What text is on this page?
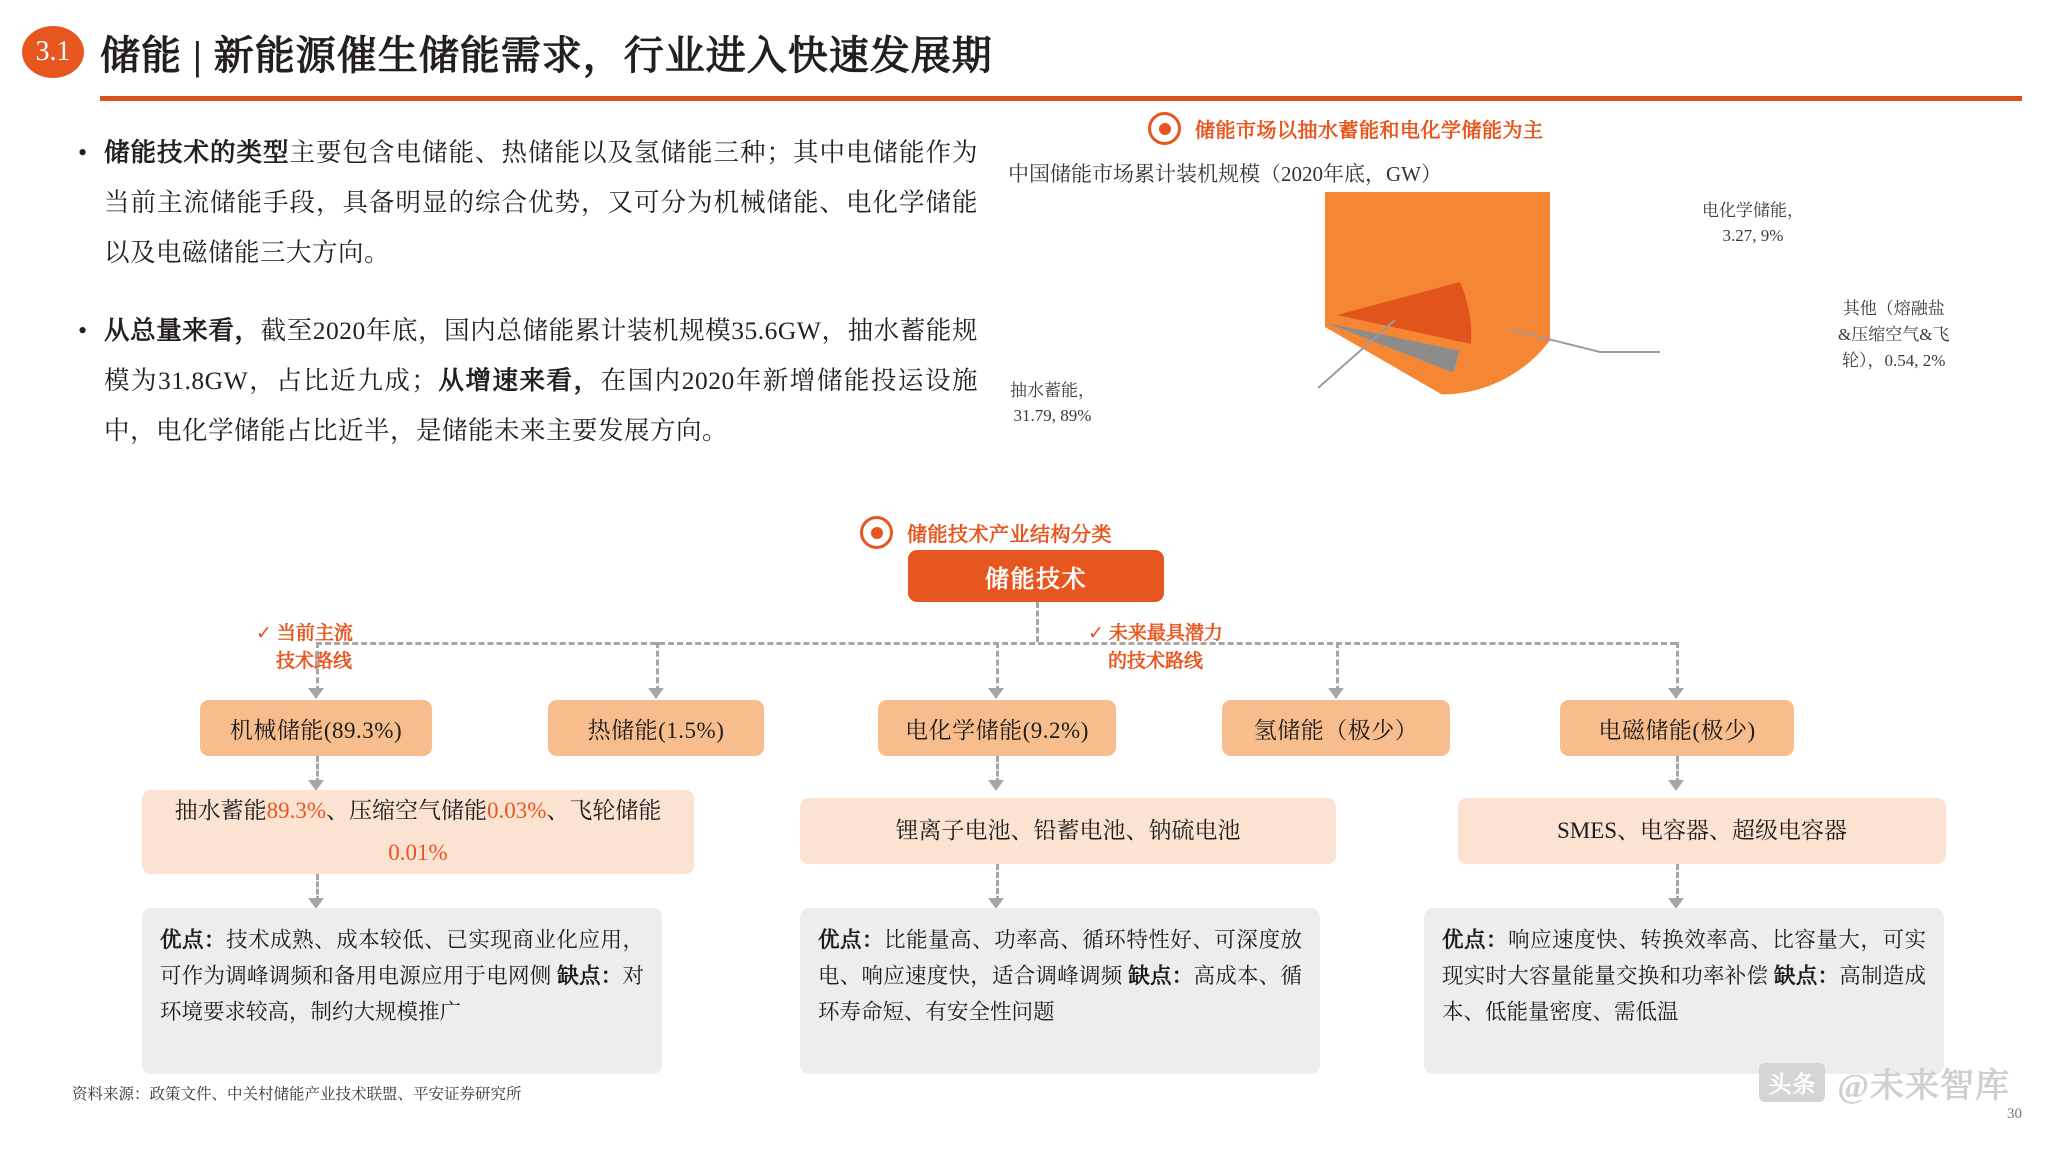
3.1 储能 | 新能源催生储能需求，行业进入快速发展期
• 储能技术的类型主要包含电储能、热储能以及氢储能三种；其中电储能作为当前主流储能手段，具备明显的综合优势，又可分为机械储能、电化学储能以及电磁储能三大方向。
• 从总量来看，截至2020年底，国内总储能累计装机规模35.6GW，抽水蓄能规模为31.8GW，占比近九成；从增速来看，在国内2020年新增储能投运设施中，电化学储能占比近半，是储能未来主要发展方向。
储能市场以抽水蓄能和电化学储能为主
中国储能市场累计装机规模（2020年底，GW）
电化学储能，
3.27, 9%
其他（熔融盐
&压缩空气&飞
轮），0.54, 2%
抽水蓄能，
31.79, 89%
储能技术产业结构分类
储能技术
✓ 当前主流
技术路线
✓ 未来最具潜力
的技术路线
机械储能(89.3%)	热储能(1.5%)	电化学储能(9.2%)	氢储能（极少）	电磁储能(极少)
抽水蓄能89.3%、压缩空气储能0.03%、飞轮储能0.01%
锂离子电池、铅蓄电池、钠硫电池	SMES、电容器、超级电容器
优点：技术成熟、成本较低、已实现商业化应用，可作为调峰调频和备用电源应用于电网侧 缺点：对环境要求较高，制约大规模推广
优点：比能量高、功率高、循环特性好、可深度放电、响应速度快，适合调峰调频 缺点：高成本、循环寿命短、有安全性问题
优点：响应速度快、转换效率高、比容量大，可实现实时大容量能量交换和功率补偿 缺点：高制造成本、低能量密度、需低温
资料来源：政策文件、中关村储能产业技术联盟、平安证券研究所	头条 @未来智库
30
